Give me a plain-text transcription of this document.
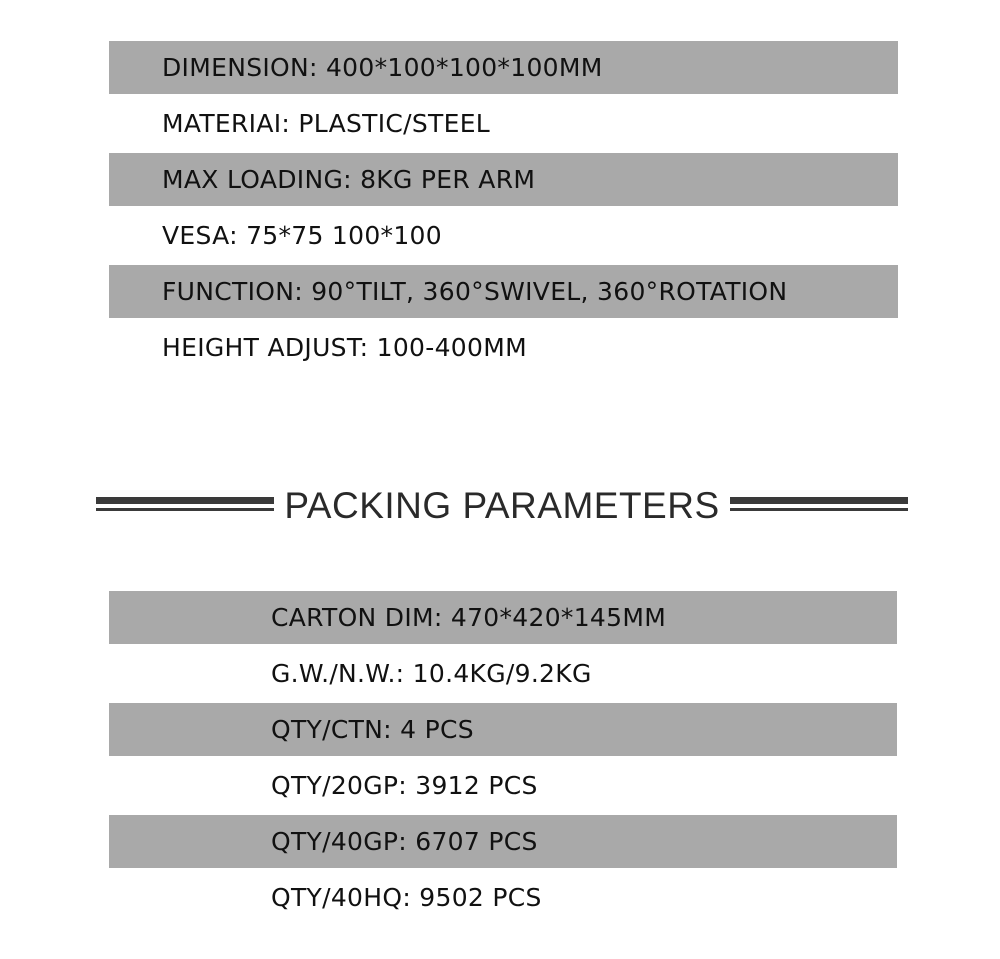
DIMENSION: 400*100*100*100MM
MATERIAI: PLASTIC/STEEL
MAX LOADING: 8KG PER ARM
VESA: 75*75 100*100
FUNCTION: 90°TILT, 360°SWIVEL, 360°ROTATION
HEIGHT ADJUST: 100-400MM
PACKING PARAMETERS
CARTON DIM: 470*420*145MM
G.W./N.W.: 10.4KG/9.2KG
QTY/CTN: 4 PCS
QTY/20GP: 3912 PCS
QTY/40GP: 6707 PCS
QTY/40HQ: 9502 PCS
